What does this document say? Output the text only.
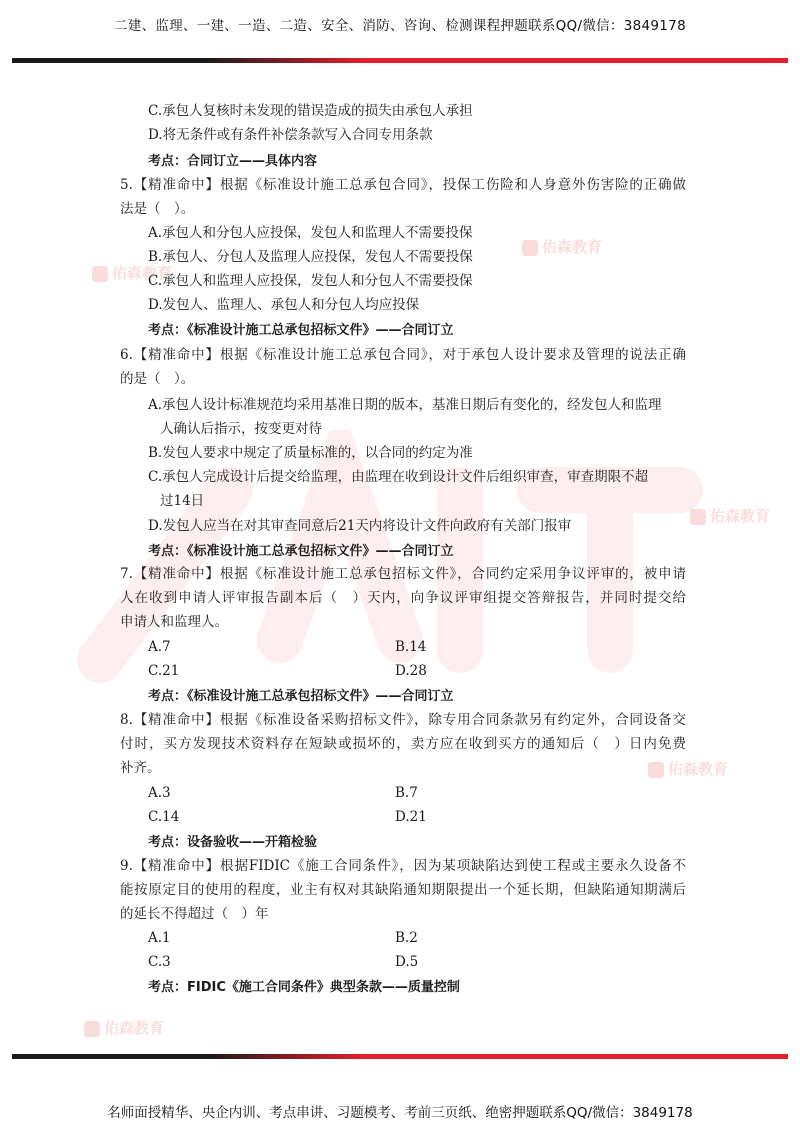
二建、监理、一建、一造、二造、安全、消防、咨询、检测课程押题联系QQ/微信：3849178
佑森教育
佑森教育
佑森教育
佑森教育
佑森教育
C.承包人复核时未发现的错误造成的损失由承包人承担
D.将无条件或有条件补偿条款写入合同专用条款
考点：合同订立——具体内容
5.【精准命中】根据《标准设计施工总承包合同》，投保工伤险和人身意外伤害险的正确做
法是（　）。
A.承包人和分包人应投保，发包人和监理人不需要投保
B.承包人、分包人及监理人应投保，发包人不需要投保
C.承包人和监理人应投保，发包人和分包人不需要投保
D.发包人、监理人、承包人和分包人均应投保
考点：《标准设计施工总承包招标文件》——合同订立
6.【精准命中】根据《标准设计施工总承包合同》，对于承包人设计要求及管理的说法正确
的是（　）。
A.承包人设计标准规范均采用基准日期的版本，基准日期后有变化的，经发包人和监理
人确认后指示，按变更对待
B.发包人要求中规定了质量标准的，以合同的约定为准
C.承包人完成设计后提交给监理，由监理在收到设计文件后组织审查，审查期限不超
过14日
D.发包人应当在对其审查同意后21天内将设计文件向政府有关部门报审
考点：《标准设计施工总承包招标文件》——合同订立
7.【精准命中】根据《标准设计施工总承包招标文件》，合同约定采用争议评审的，被申请
人在收到申请人评审报告副本后（　）天内，向争议评审组提交答辩报告，并同时提交给
申请人和监理人。
A.7	B.14
C.21	D.28
考点：《标准设计施工总承包招标文件》——合同订立
8.【精准命中】根据《标准设备采购招标文件》，除专用合同条款另有约定外，合同设备交
付时，买方发现技术资料存在短缺或损坏的，卖方应在收到买方的通知后（　）日内免费
补齐。
A.3	B.7
C.14	D.21
考点：设备验收——开箱检验
9.【精准命中】根据FIDIC《施工合同条件》，因为某项缺陷达到使工程或主要永久设备不
能按原定目的使用的程度，业主有权对其缺陷通知期限提出一个延长期，但缺陷通知期满后
的延长不得超过（　）年
A.1	B.2
C.3	D.5
考点：FIDIC《施工合同条件》典型条款——质量控制
名师面授精华、央企内训、考点串讲、习题模考、考前三页纸、绝密押题联系QQ/微信：3849178
